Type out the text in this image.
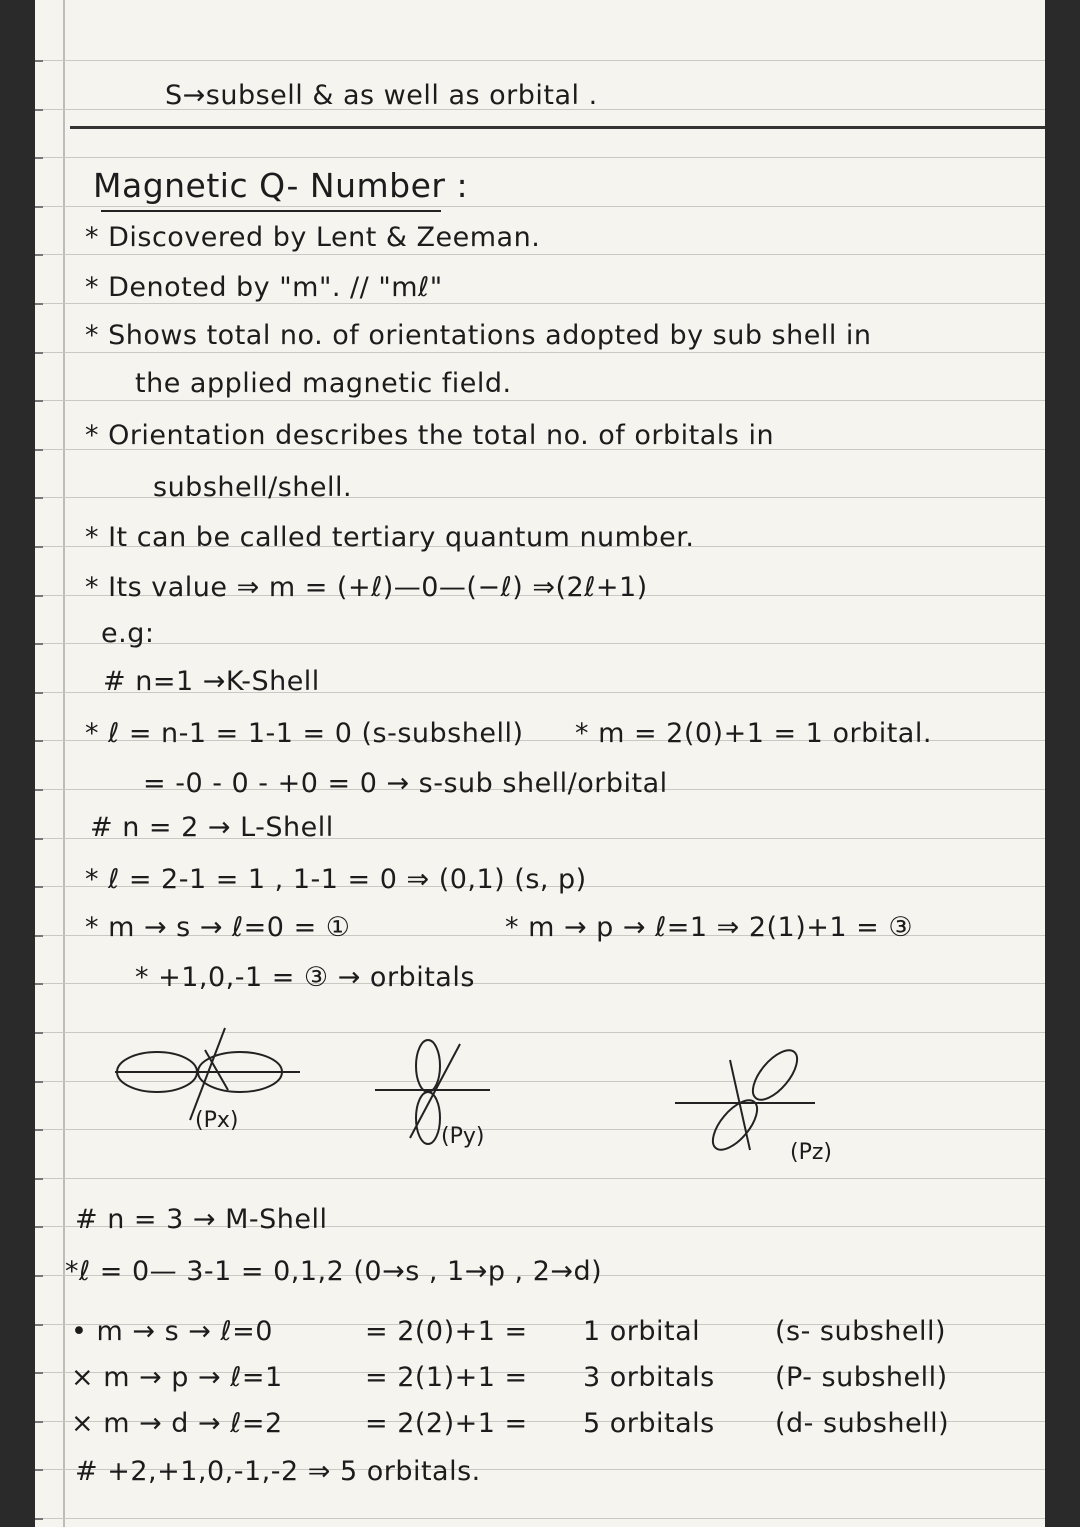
S→subsell & as well as orbital .
Magnetic Q- Number :
* Discovered by Lent & Zeeman.
* Denoted by "m". // "mℓ"
* Shows total no. of orientations adopted by sub shell in
the applied magnetic field.
* Orientation describes the total no. of orbitals in
subshell/shell.
* It can be called tertiary quantum number.
* Its value ⇒ m = (+ℓ)—0—(−ℓ) ⇒(2ℓ+1)
e.g:
# n=1 →K-Shell
* ℓ = n-1 = 1-1 = 0 (s-subshell) * m = 2(0)+1 = 1 orbital.
= -0 - 0 - +0 = 0 → s-sub shell/orbital
# n = 2 → L-Shell
* ℓ = 2-1 = 1 , 1-1 = 0 ⇒ (0,1) (s, p)
* m → s → ℓ=0 = ①	* m → p → ℓ=1 ⇒ 2(1)+1 = ③
* +1,0,-1 = ③ → orbitals
(Px)
(Py)
(Pz)
# n = 3 → M-Shell
*ℓ = 0— 3-1 = 0,1,2 (0→s , 1→p , 2→d)
• m → s → ℓ=0	= 2(0)+1 = 1 orbital	(s- subshell)
× m → p → ℓ=1	= 2(1)+1 = 3 orbitals (P- subshell)
× m → d → ℓ=2	= 2(2)+1 = 5 orbitals (d- subshell)
# +2,+1,0,-1,-2 ⇒ 5 orbitals.
